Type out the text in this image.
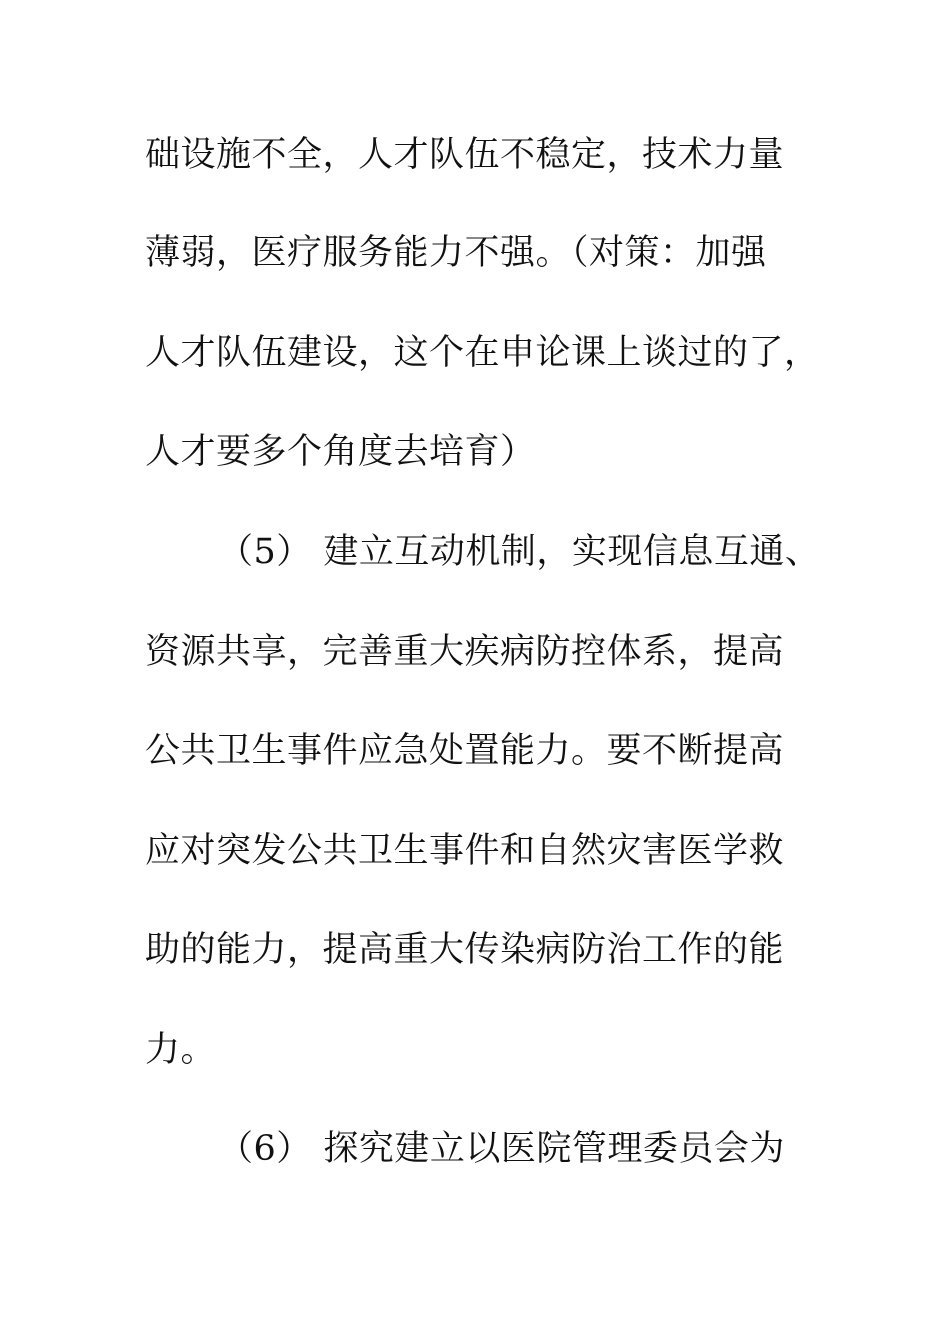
础设施不全，人才队伍不稳定，技术力量
薄弱，医疗服务能力不强。（对策：加强
人才队伍建设，这个在申论课上谈过的了，
人才要多个角度去培育）
（5） 建立互动机制，实现信息互通、
资源共享，完善重大疾病防控体系，提高
公共卫生事件应急处置能力。要不断提高
应对突发公共卫生事件和自然灾害医学救
助的能力，提高重大传染病防治工作的能
力。
（6） 探究建立以医院管理委员会为
